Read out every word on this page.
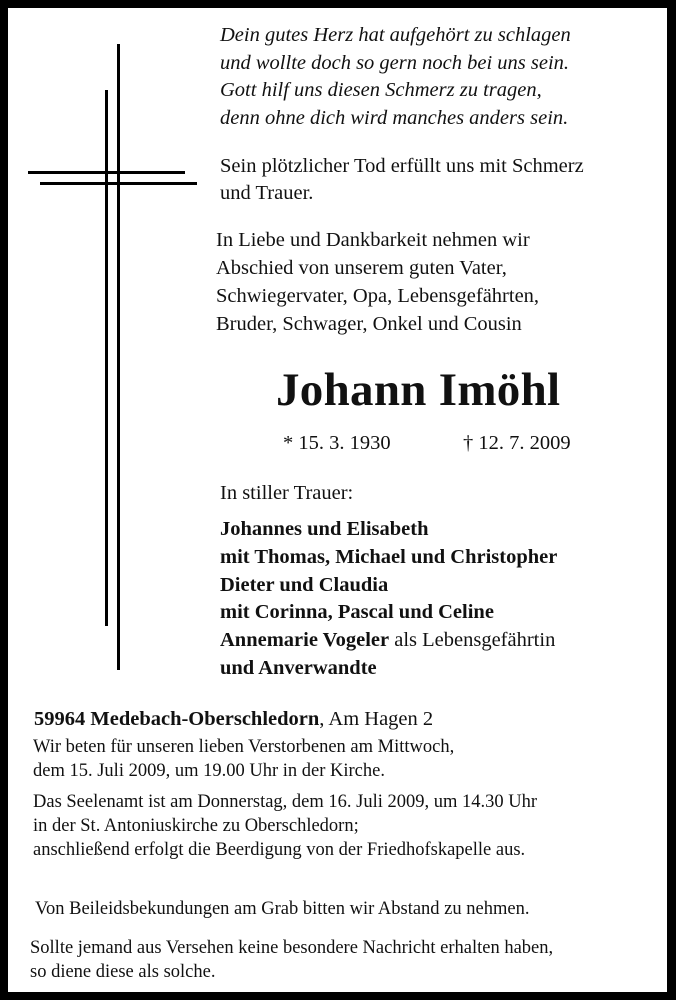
Dein gutes Herz hat aufgehört zu schlagen
und wollte doch so gern noch bei uns sein.
Gott hilf uns diesen Schmerz zu tragen,
denn ohne dich wird manches anders sein.
Sein plötzlicher Tod erfüllt uns mit Schmerz
und Trauer.
In Liebe und Dankbarkeit nehmen wir
Abschied von unserem guten Vater,
Schwiegervater, Opa, Lebensgefährten,
Bruder, Schwager, Onkel und Cousin
Johann Imöhl
* 15. 3. 1930	† 12. 7. 2009
In stiller Trauer:
Johannes und Elisabeth
mit Thomas, Michael und Christopher
Dieter und Claudia
mit Corinna, Pascal und Celine
Annemarie Vogeler als Lebensgefährtin
und Anverwandte
59964 Medebach-Oberschledorn, Am Hagen 2
Wir beten für unseren lieben Verstorbenen am Mittwoch,
dem 15. Juli 2009, um 19.00 Uhr in der Kirche.
Das Seelenamt ist am Donnerstag, dem 16. Juli 2009, um 14.30 Uhr
in der St. Antoniuskirche zu Oberschledorn;
anschließend erfolgt die Beerdigung von der Friedhofskapelle aus.
Von Beileidsbekundungen am Grab bitten wir Abstand zu nehmen.
Sollte jemand aus Versehen keine besondere Nachricht erhalten haben,
so diene diese als solche.
